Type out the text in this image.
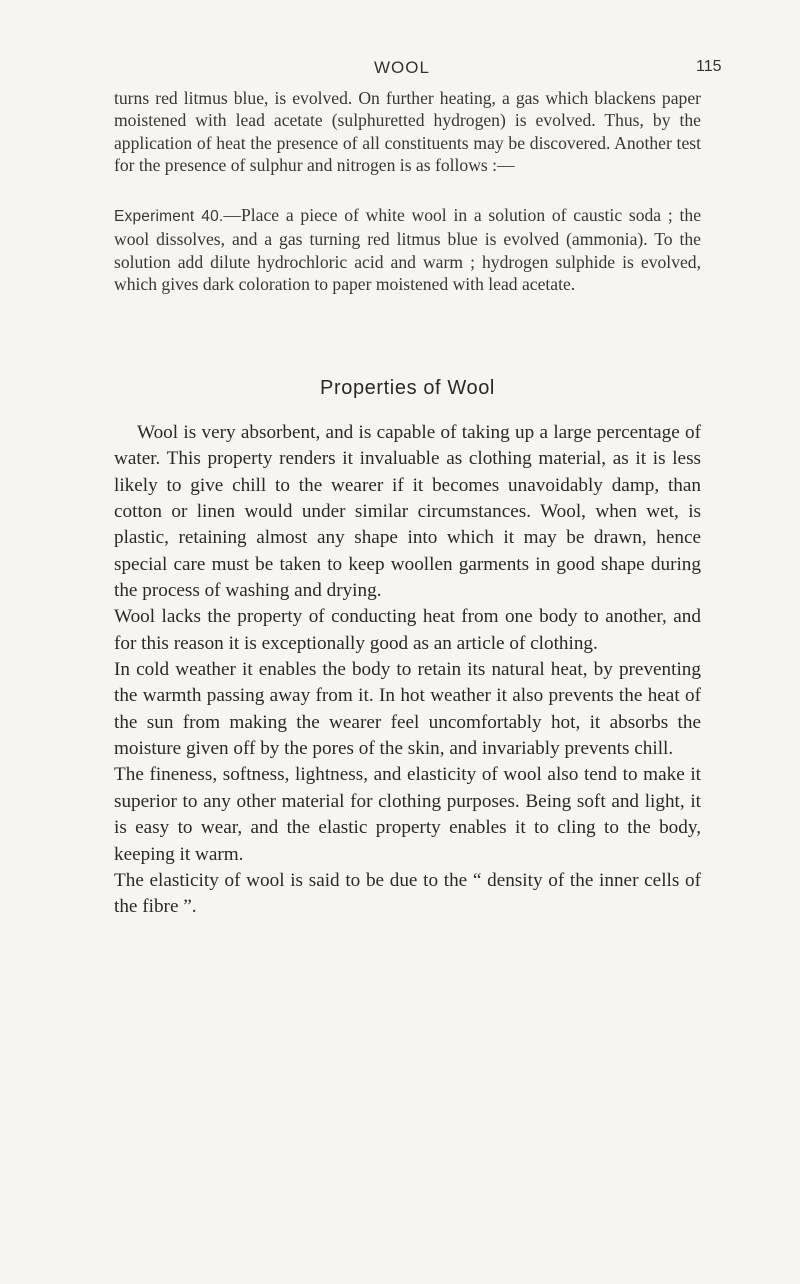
WOOL	115

turns red litmus blue, is evolved. On further heating, a gas which blackens paper moistened with lead acetate (sulphuretted hydrogen) is evolved. Thus, by the application of heat the presence of all constituents may be discovered. Another test for the presence of sulphur and nitrogen is as follows :—

Experiment 40.—Place a piece of white wool in a solution of caustic soda ; the wool dissolves, and a gas turning red litmus blue is evolved (ammonia). To the solution add dilute hydrochloric acid and warm ; hydrogen sulphide is evolved, which gives dark coloration to paper moistened with lead acetate.

Properties of Wool

Wool is very absorbent, and is capable of taking up a large percentage of water. This property renders it invaluable as clothing material, as it is less likely to give chill to the wearer if it becomes unavoidably damp, than cotton or linen would under similar circumstances. Wool, when wet, is plastic, retaining almost any shape into which it may be drawn, hence special care must be taken to keep woollen garments in good shape during the process of washing and drying.

Wool lacks the property of conducting heat from one body to another, and for this reason it is exceptionally good as an article of clothing.

In cold weather it enables the body to retain its natural heat, by preventing the warmth passing away from it. In hot weather it also prevents the heat of the sun from making the wearer feel uncomfortably hot, it absorbs the moisture given off by the pores of the skin, and invariably prevents chill.

The fineness, softness, lightness, and elasticity of wool also tend to make it superior to any other material for clothing purposes. Being soft and light, it is easy to wear, and the elastic property enables it to cling to the body, keeping it warm.

The elasticity of wool is said to be due to the “ density of the inner cells of the fibre ”.
